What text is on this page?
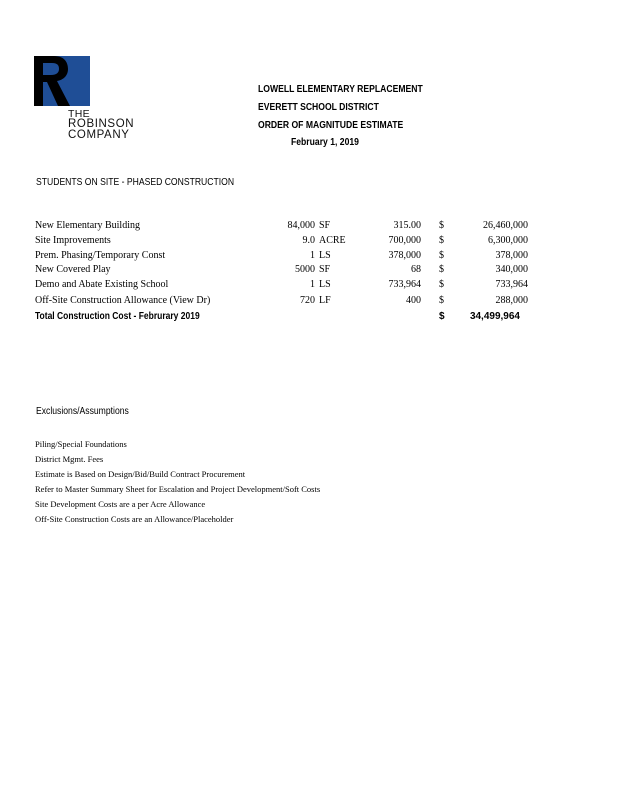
THE
ROBINSON
COMPANY
LOWELL ELEMENTARY REPLACEMENT
EVERETT SCHOOL DISTRICT
ORDER OF MAGNITUDE ESTIMATE
February 1, 2019
STUDENTS ON SITE - PHASED CONSTRUCTION
New Elementary Building	84,000 SF	315.00 $	26,460,000
Site Improvements	9.0 ACRE	700,000 $	6,300,000
Prem. Phasing/Temporary Const	1 LS	378,000 $	378,000
New Covered Play	5000 SF	68 $	340,000
Demo and Abate Existing School	1 LS	733,964 $	733,964
Off-Site Construction Allowance (View Dr)	720 LF	400 $	288,000
Total Construction Cost - Februrary 2019	$	34,499,964
Exclusions/Assumptions
Piling/Special Foundations
District Mgmt. Fees
Estimate is Based on Design/Bid/Build Contract Procurement
Refer to Master Summary Sheet for Escalation and Project Development/Soft Costs
Site Development Costs are a per Acre Allowance
Off-Site Construction Costs are an Allowance/Placeholder
